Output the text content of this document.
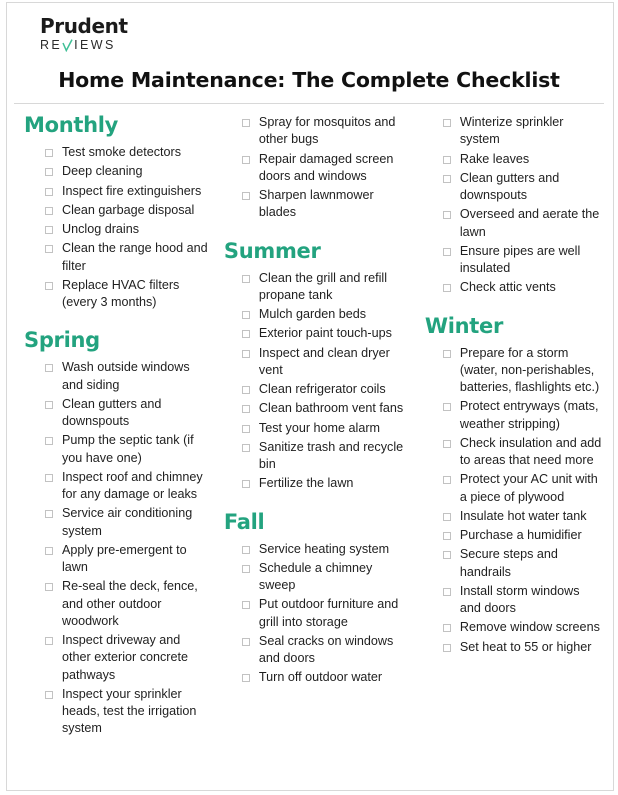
Prudent
RE IEWS
Home Maintenance: The Complete Checklist
Monthly
Test smoke detectors
Deep cleaning
Inspect fire extinguishers
Clean garbage disposal
Unclog drains
Clean the range hood and filter
Replace HVAC filters (every 3 months)
Spring
Wash outside windows and siding
Clean gutters and downspouts
Pump the septic tank (if you have one)
Inspect roof and chimney for any damage or leaks
Service air conditioning system
Apply pre-emergent to lawn
Re-seal the deck, fence, and other outdoor woodwork
Inspect driveway and other exterior concrete pathways
Inspect your sprinkler heads, test the irrigation system
Spray for mosquitos and other bugs
Repair damaged screen doors and windows
Sharpen lawnmower blades
Summer
Clean the grill and refill propane tank
Mulch garden beds
Exterior paint touch-ups
Inspect and clean dryer vent
Clean refrigerator coils
Clean bathroom vent fans
Test your home alarm
Sanitize trash and recycle bin
Fertilize the lawn
Fall
Service heating system
Schedule a chimney sweep
Put outdoor furniture and grill into storage
Seal cracks on windows and doors
Turn off outdoor water
Winterize sprinkler system
Rake leaves
Clean gutters and downspouts
Overseed and aerate the lawn
Ensure pipes are well insulated
Check attic vents
Winter
Prepare for a storm (water, non-perishables, batteries, flashlights etc.)
Protect entryways (mats, weather stripping)
Check insulation and add to areas that need more
Protect your AC unit with a piece of plywood
Insulate hot water tank
Purchase a humidifier
Secure steps and handrails
Install storm windows and doors
Remove window screens
Set heat to 55 or higher
